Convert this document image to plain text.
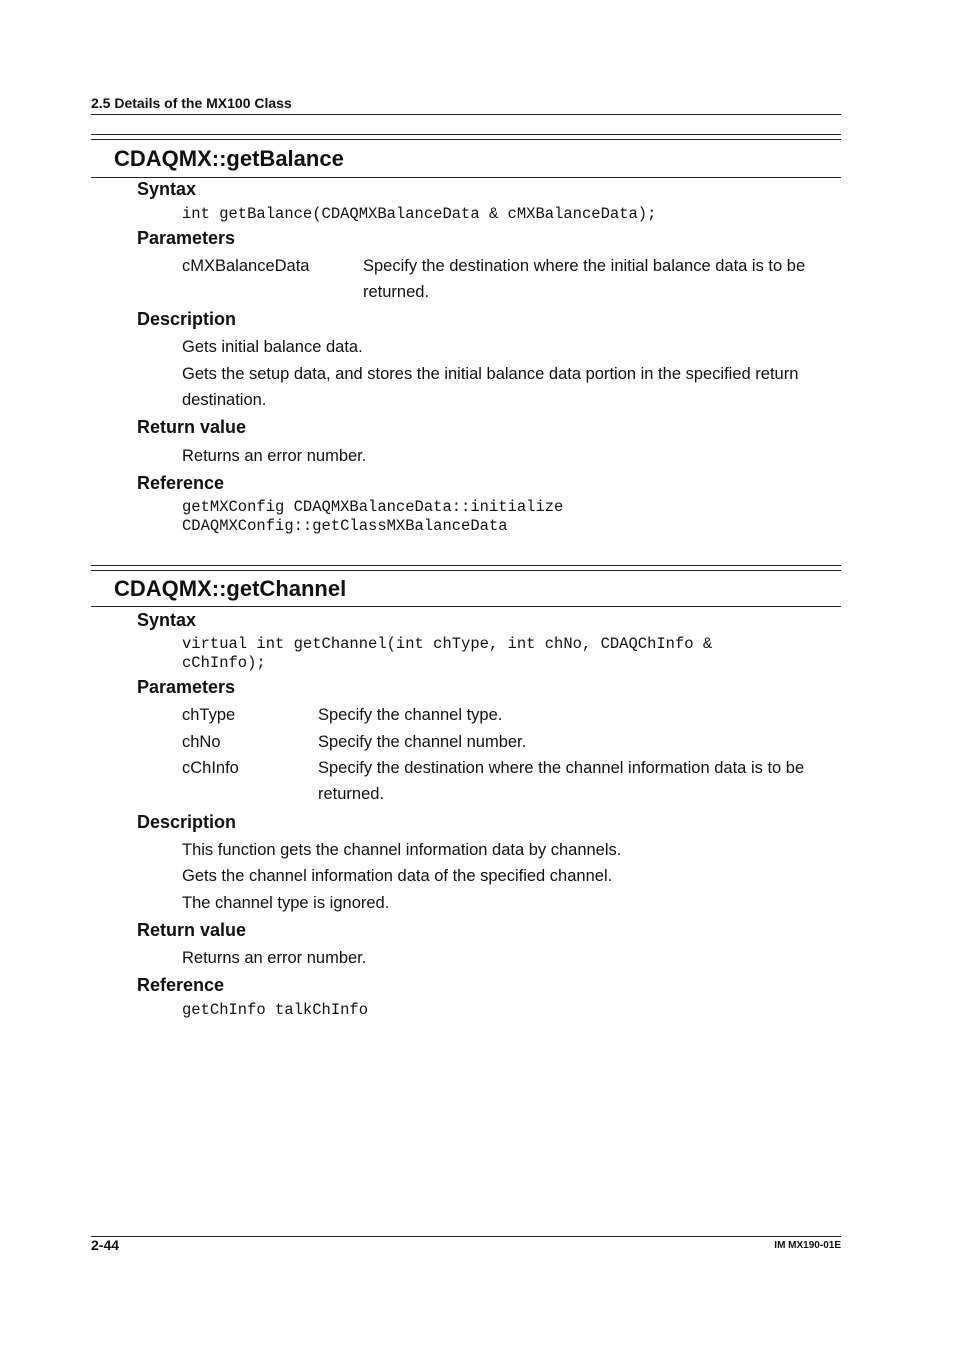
2.5 Details of the MX100 Class
CDAQMX::getBalance
Syntax
int getBalance(CDAQMXBalanceData & cMXBalanceData);
Parameters
cMXBalanceData	Specify the destination where the initial balance data is to be returned.
Description
Gets initial balance data.
Gets the setup data, and stores the initial balance data portion in the specified return destination.
Return value
Returns an error number.
Reference
getMXConfig CDAQMXBalanceData::initialize
CDAQMXConfig::getClassMXBalanceData
CDAQMX::getChannel
Syntax
virtual int getChannel(int chType, int chNo, CDAQChInfo &
cChInfo);
Parameters
chType	Specify the channel type.
chNo	Specify the channel number.
cChInfo	Specify the destination where the channel information data is to be returned.
Description
This function gets the channel information data by channels.
Gets the channel information data of the specified channel.
The channel type is ignored.
Return value
Returns an error number.
Reference
getChInfo talkChInfo
2-44	IM MX190-01E
